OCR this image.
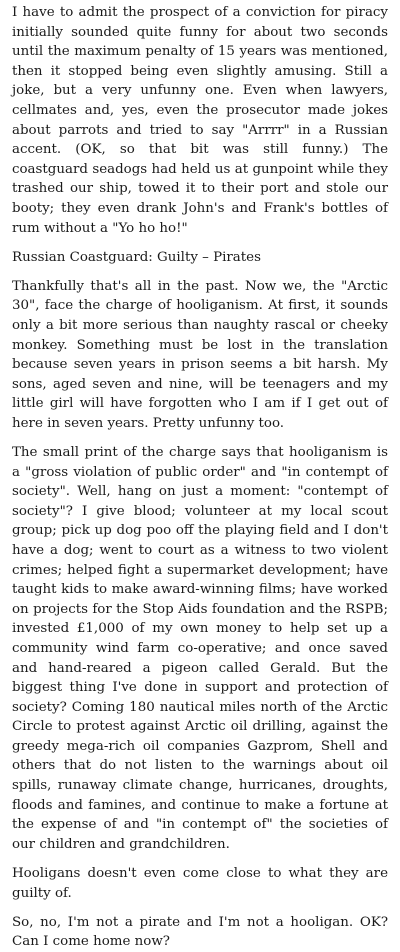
I have to admit the prospect of a conviction for piracy initially sounded quite funny for about two seconds until the maximum penalty of 15 years was mentioned, then it stopped being even slightly amusing. Still a joke, but a very unfunny one. Even when lawyers, cellmates and, yes, even the prosecutor made jokes about parrots and tried to say "Arrrr" in a Russian accent. (OK, so that bit was still funny.) The coastguard seadogs had held us at gunpoint while they trashed our ship, towed it to their port and stole our booty; they even drank John's and Frank's bottles of rum without a "Yo ho ho!"

Russian Coastguard: Guilty – Pirates

Thankfully that's all in the past. Now we, the "Arctic 30", face the charge of hooliganism. At first, it sounds only a bit more serious than naughty rascal or cheeky monkey. Something must be lost in the translation because seven years in prison seems a bit harsh. My sons, aged seven and nine, will be teenagers and my little girl will have forgotten who I am if I get out of here in seven years. Pretty unfunny too.

The small print of the charge says that hooliganism is a "gross violation of public order" and "in contempt of society". Well, hang on just a moment: "contempt of society"? I give blood; volunteer at my local scout group; pick up dog poo off the playing field and I don't have a dog; went to court as a witness to two violent crimes; helped fight a supermarket development; have taught kids to make award-winning films; have worked on projects for the Stop Aids foundation and the RSPB; invested £1,000 of my own money to help set up a community wind farm co-operative; and once saved and hand-reared a pigeon called Gerald. But the biggest thing I've done in support and protection of society? Coming 180 nautical miles north of the Arctic Circle to protest against Arctic oil drilling, against the greedy mega-rich oil companies Gazprom, Shell and others that do not listen to the warnings about oil spills, runaway climate change, hurricanes, droughts, floods and famines, and continue to make a fortune at the expense of and "in contempt of" the societies of our children and grandchildren.

Hooligans doesn't even come close to what they are guilty of.

So, no, I'm not a pirate and I'm not a hooligan. OK? Can I come home now?
